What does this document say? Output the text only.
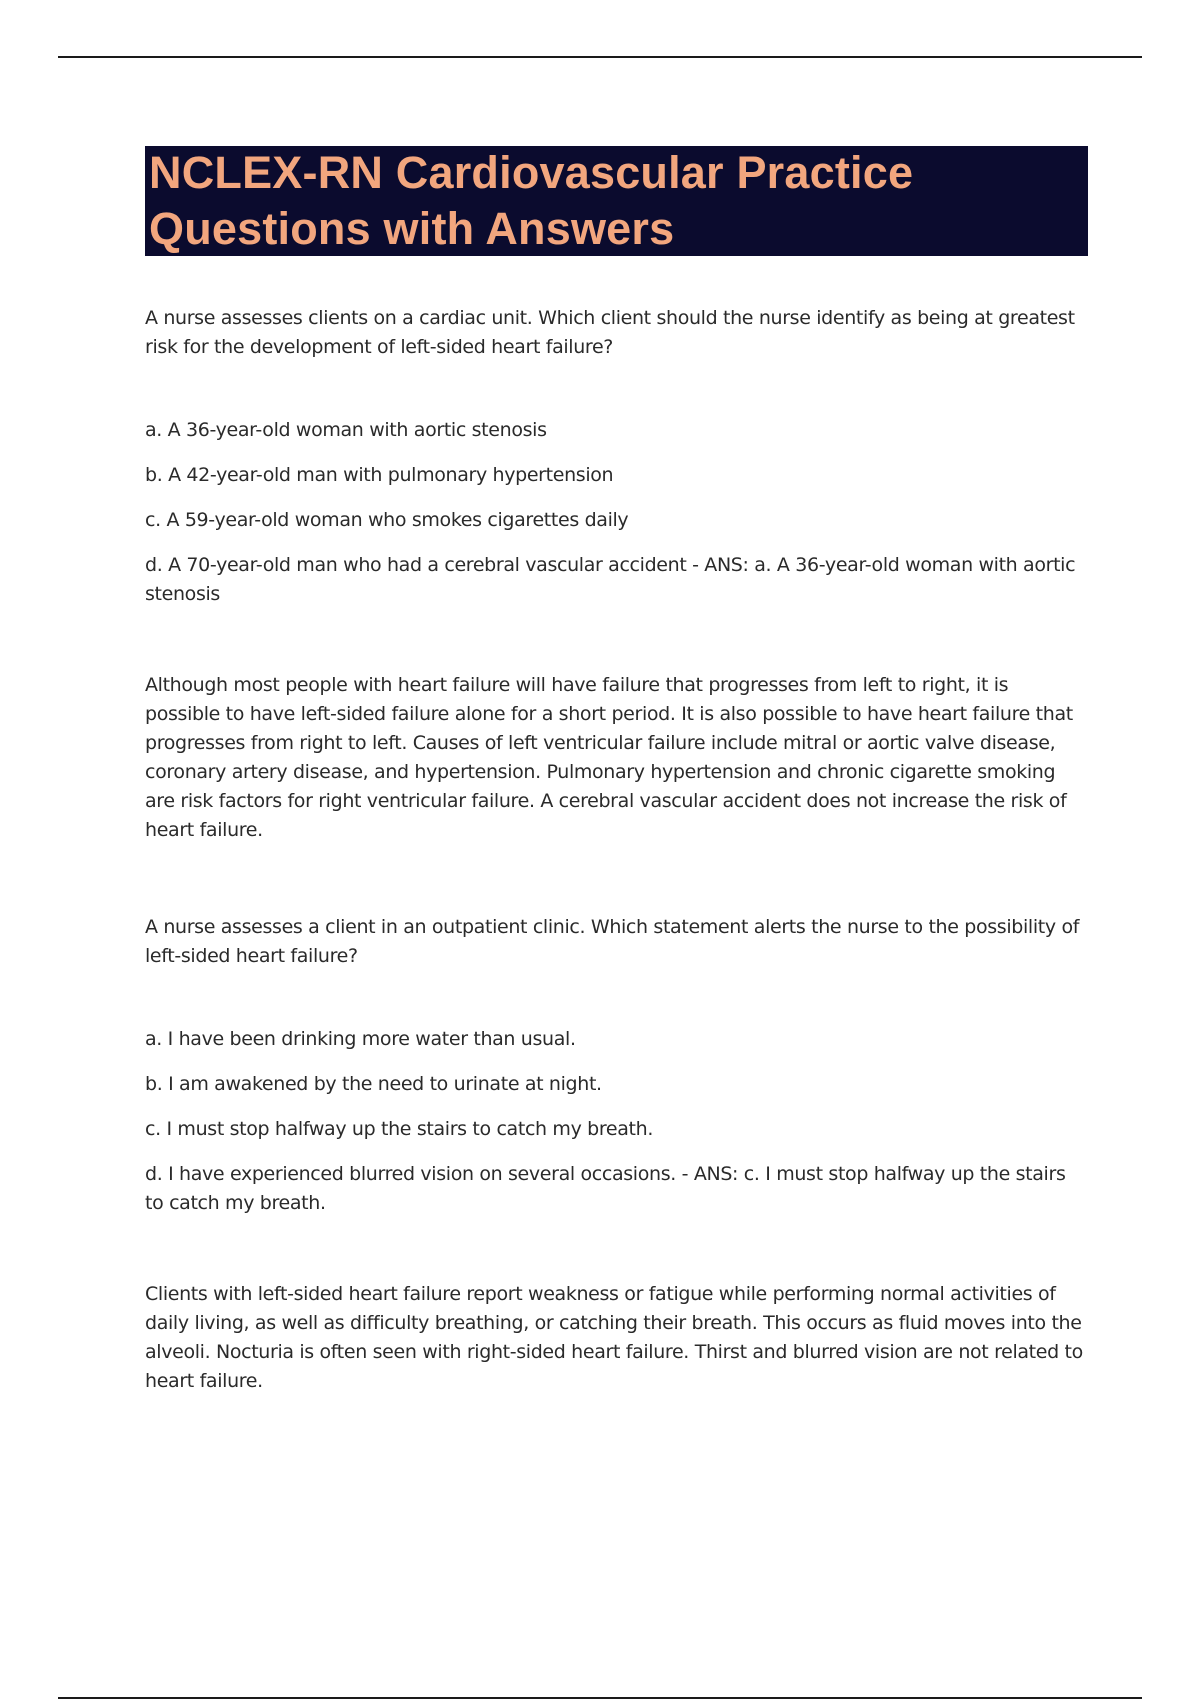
NCLEX-RN Cardiovascular Practice Questions with Answers

A nurse assesses clients on a cardiac unit. Which client should the nurse identify as being at greatest risk for the development of left-sided heart failure?

a. A 36-year-old woman with aortic stenosis

b. A 42-year-old man with pulmonary hypertension

c. A 59-year-old woman who smokes cigarettes daily

d. A 70-year-old man who had a cerebral vascular accident - ANS: a. A 36-year-old woman with aortic stenosis

Although most people with heart failure will have failure that progresses from left to right, it is possible to have left-sided failure alone for a short period. It is also possible to have heart failure that progresses from right to left. Causes of left ventricular failure include mitral or aortic valve disease, coronary artery disease, and hypertension. Pulmonary hypertension and chronic cigarette smoking are risk factors for right ventricular failure. A cerebral vascular accident does not increase the risk of heart failure.

A nurse assesses a client in an outpatient clinic. Which statement alerts the nurse to the possibility of left-sided heart failure?

a. I have been drinking more water than usual.

b. I am awakened by the need to urinate at night.

c. I must stop halfway up the stairs to catch my breath.

d. I have experienced blurred vision on several occasions. - ANS: c. I must stop halfway up the stairs to catch my breath.

Clients with left-sided heart failure report weakness or fatigue while performing normal activities of daily living, as well as difficulty breathing, or catching their breath. This occurs as fluid moves into the alveoli. Nocturia is often seen with right-sided heart failure. Thirst and blurred vision are not related to heart failure.
